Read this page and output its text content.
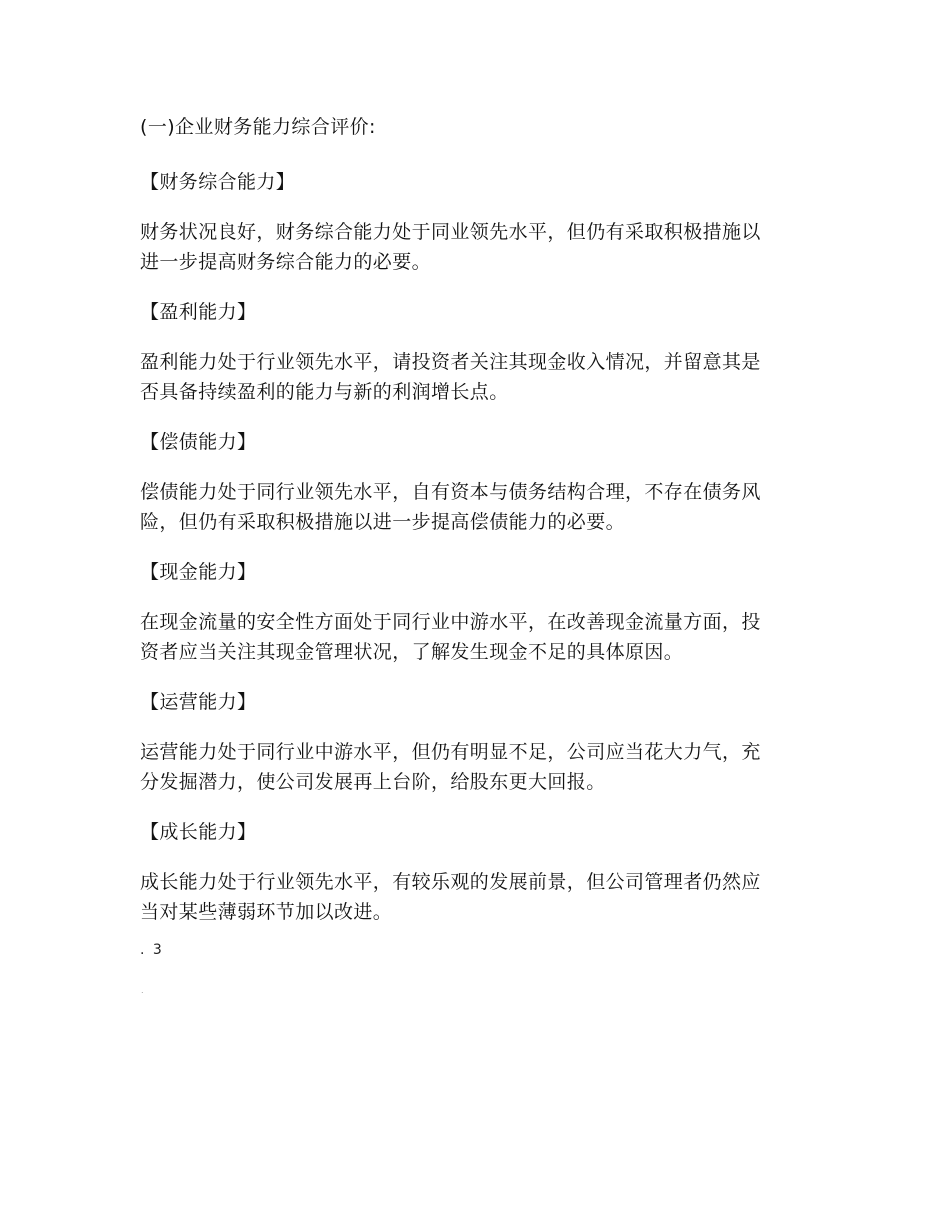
(一)企业财务能力综合评价:

【财务综合能力】

财务状况良好，财务综合能力处于同业领先水平，但仍有采取积极措施以

进一步提高财务综合能力的必要。

【盈利能力】

盈利能力处于行业领先水平，请投资者关注其现金收入情况，并留意其是

否具备持续盈利的能力与新的利润增长点。

【偿债能力】

偿债能力处于同行业领先水平，自有资本与债务结构合理，不存在债务风

险，但仍有采取积极措施以进一步提高偿债能力的必要。

【现金能力】

在现金流量的安全性方面处于同行业中游水平，在改善现金流量方面，投

资者应当关注其现金管理状况，了解发生现金不足的具体原因。

【运营能力】

运营能力处于同行业中游水平，但仍有明显不足，公司应当花大力气，充

分发掘潜力，使公司发展再上台阶，给股东更大回报。

【成长能力】

成长能力处于行业领先水平，有较乐观的发展前景，但公司管理者仍然应

当对某些薄弱环节加以改进。

. 3
.
